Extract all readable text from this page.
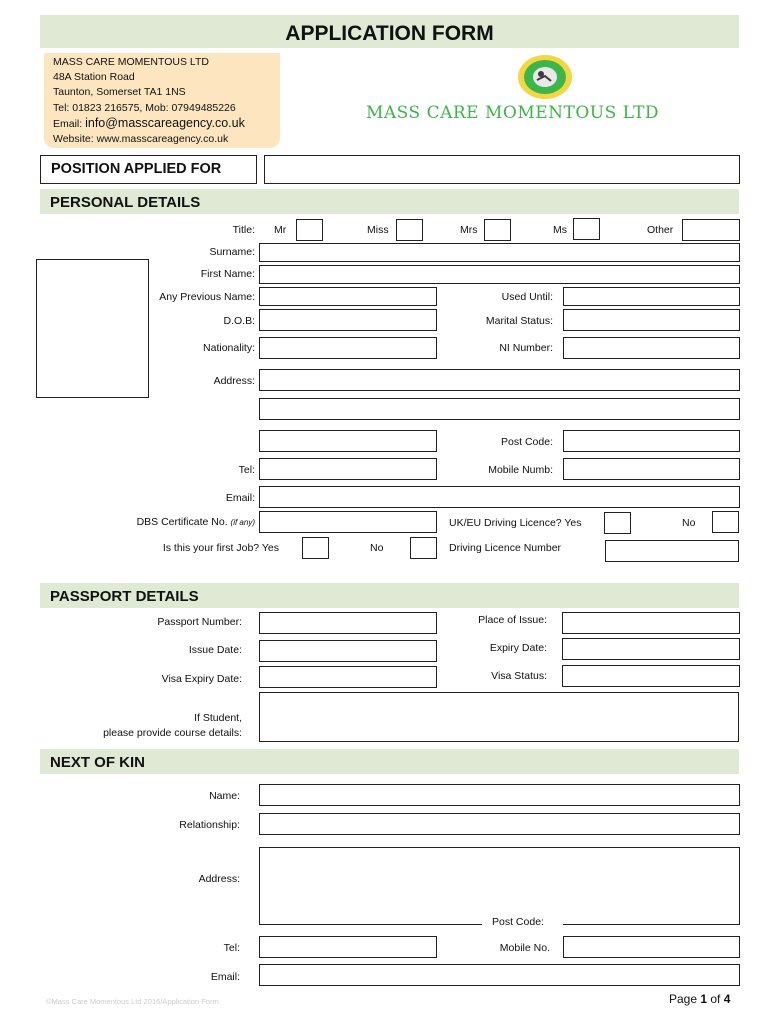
APPLICATION FORM
MASS CARE MOMENTOUS LTD
48A Station Road
Taunton, Somerset TA1 1NS
Tel: 01823 216575, Mob: 07949485226
Email: info@masscareagency.co.uk
Website: www.masscareagency.co.uk
MASS CARE MOMENTOUS LTD
POSITION APPLIED FOR
PERSONAL DETAILS
Title: Mr	Miss	Mrs	Ms	Other
Surname:
First Name:
Any Previous Name:	Used Until:
D.O.B:	Marital Status:
Nationality:	NI Number:
Address:
Post Code:
Tel:	Mobile Numb:
Email:
DBS Certificate No. (if any)	UK/EU Driving Licence? Yes	No
Is this your first Job? Yes	No	Driving Licence Number
PASSPORT DETAILS
Passport Number:	Place of Issue:
Issue Date:	Expiry Date:
Visa Expiry Date:	Visa Status:
If Student,
please provide course details:
NEXT OF KIN
Name:
Relationship:
Address:
Post Code:
Tel:	Mobile No.
Email:
©Mass Care Momentous Ltd 2016/Application Form	Page 1 of 4
